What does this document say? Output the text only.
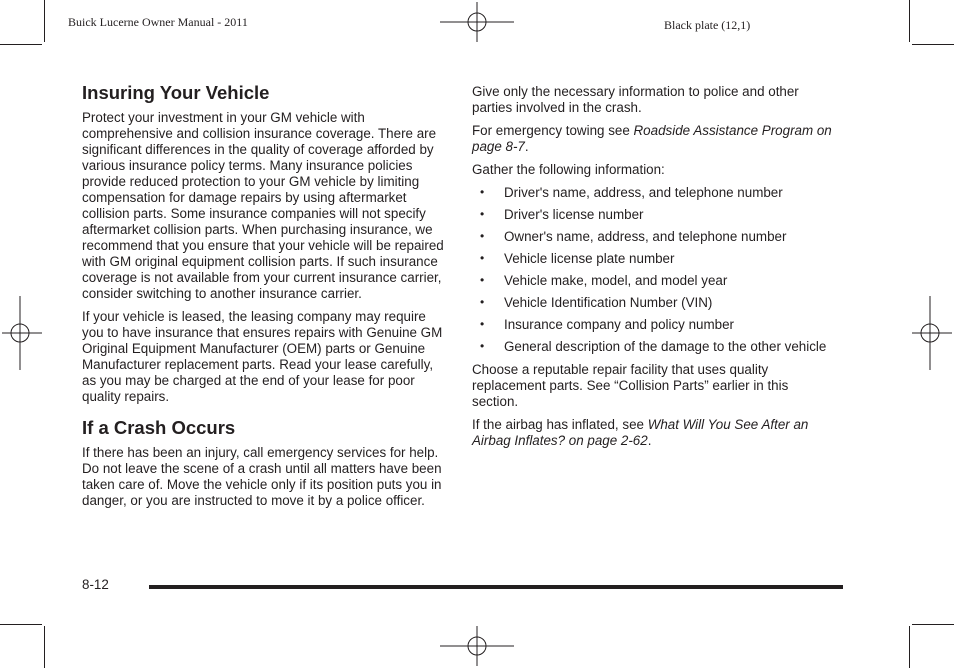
Buick Lucerne Owner Manual - 2011	Black plate (12,1)
Insuring Your Vehicle

Protect your investment in your GM vehicle with comprehensive and collision insurance coverage. There are significant differences in the quality of coverage afforded by various insurance policy terms. Many insurance policies provide reduced protection to your GM vehicle by limiting compensation for damage repairs by using aftermarket collision parts. Some insurance companies will not specify aftermarket collision parts. When purchasing insurance, we recommend that you ensure that your vehicle will be repaired with GM original equipment collision parts. If such insurance coverage is not available from your current insurance carrier, consider switching to another insurance carrier.

If your vehicle is leased, the leasing company may require you to have insurance that ensures repairs with Genuine GM Original Equipment Manufacturer (OEM) parts or Genuine Manufacturer replacement parts. Read your lease carefully, as you may be charged at the end of your lease for poor quality repairs.

If a Crash Occurs

If there has been an injury, call emergency services for help. Do not leave the scene of a crash until all matters have been taken care of. Move the vehicle only if its position puts you in danger, or you are instructed to move it by a police officer.

Give only the necessary information to police and other parties involved in the crash.

For emergency towing see Roadside Assistance Program on page 8-7.

Gather the following information:

• Driver's name, address, and telephone number
• Driver's license number
• Owner's name, address, and telephone number
• Vehicle license plate number
• Vehicle make, model, and model year
• Vehicle Identification Number (VIN)
• Insurance company and policy number
• General description of the damage to the other vehicle

Choose a reputable repair facility that uses quality replacement parts. See “Collision Parts” earlier in this section.

If the airbag has inflated, see What Will You See After an Airbag Inflates? on page 2-62.

8-12
